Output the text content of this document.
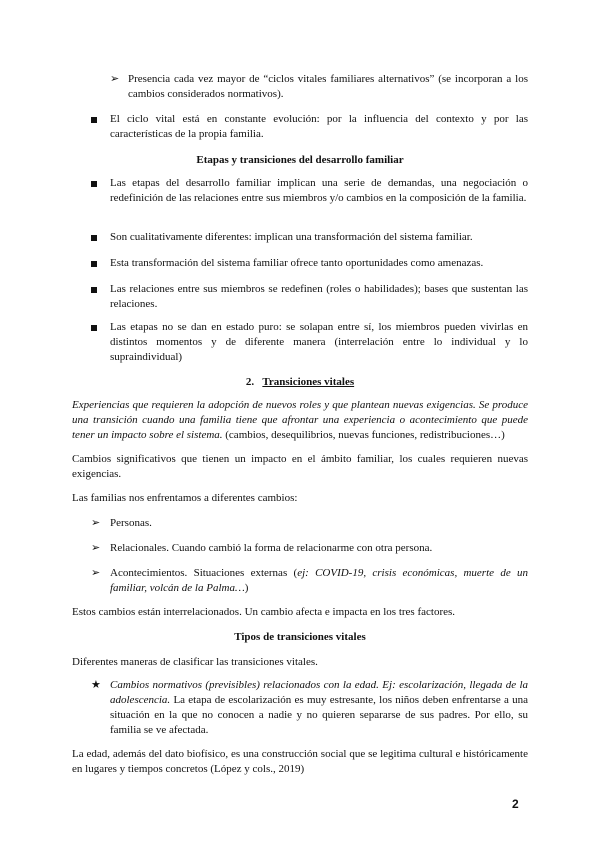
➢ Presencia cada vez mayor de “ciclos vitales familiares alternativos” (se incorporan a los cambios considerados normativos).
El ciclo vital está en constante evolución: por la influencia del contexto y por las características de la propia familia.
Etapas y transiciones del desarrollo familiar
Las etapas del desarrollo familiar implican una serie de demandas, una negociación o redefinición de las relaciones entre sus miembros y/o cambios en la composición de la familia.
Son cualitativamente diferentes: implican una transformación del sistema familiar.
Esta transformación del sistema familiar ofrece tanto oportunidades como amenazas.
Las relaciones entre sus miembros se redefinen (roles o habilidades); bases que sustentan las relaciones.
Las etapas no se dan en estado puro: se solapan entre sí, los miembros pueden vivirlas en distintos momentos y de diferente manera (interrelación entre lo individual y lo supraindividual)
2. Transiciones vitales
Experiencias que requieren la adopción de nuevos roles y que plantean nuevas exigencias. Se produce una transición cuando una familia tiene que afrontar una experiencia o acontecimiento que puede tener un impacto sobre el sistema. (cambios, desequilibrios, nuevas funciones, redistribuciones…)
Cambios significativos que tienen un impacto en el ámbito familiar, los cuales requieren nuevas exigencias.
Las familias nos enfrentamos a diferentes cambios:
➢ Personas.
➢ Relacionales. Cuando cambió la forma de relacionarme con otra persona.
➢ Acontecimientos. Situaciones externas (ej: COVID-19, crisis económicas, muerte de un familiar, volcán de la Palma…)
Estos cambios están interrelacionados. Un cambio afecta e impacta en los tres factores.
Tipos de transiciones vitales
Diferentes maneras de clasificar las transiciones vitales.
★ Cambios normativos (previsibles) relacionados con la edad. Ej: escolarización, llegada de la adolescencia. La etapa de escolarización es muy estresante, los niños deben enfrentarse a una situación en la que no conocen a nadie y no quieren separarse de sus padres. Por ello, su familia se ve afectada.
La edad, además del dato biofísico, es una construcción social que se legitima cultural e históricamente en lugares y tiempos concretos (López y cols., 2019)
2
